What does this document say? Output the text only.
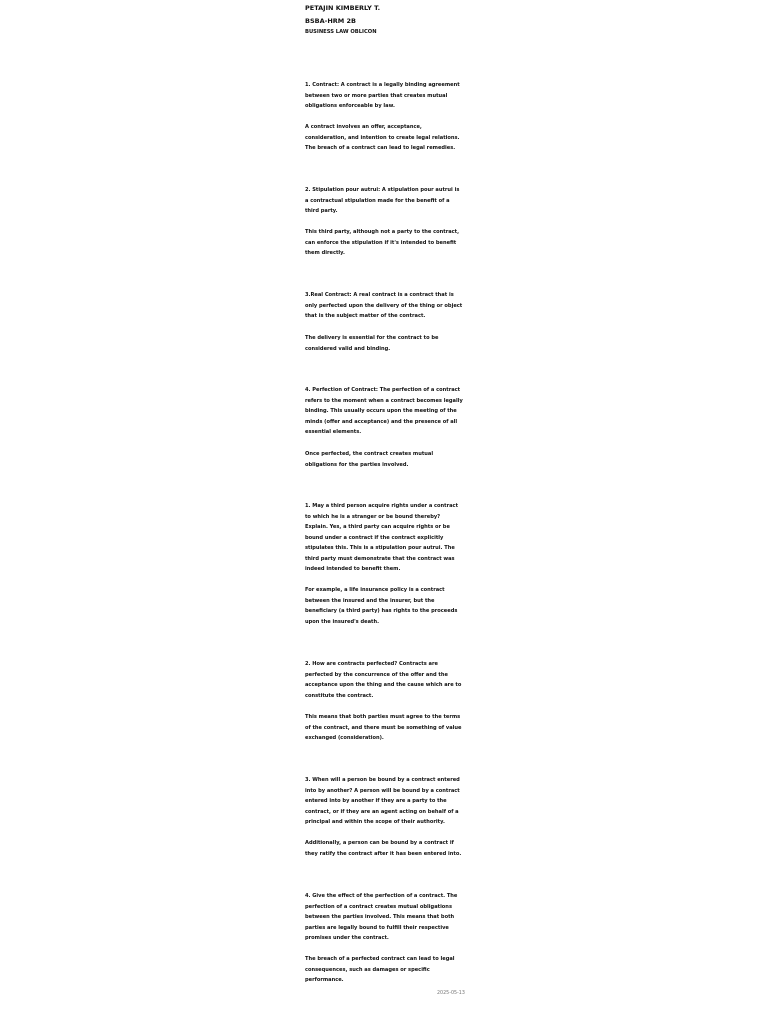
PETAJIN KIMBERLY T.
BSBA-HRM 2B
BUSINESS LAW OBLICON

1. Contract: A contract is a legally binding agreement between two or more parties that creates mutual obligations enforceable by law.

A contract involves an offer, acceptance, consideration, and intention to create legal relations. The breach of a contract can lead to legal remedies.

2. Stipulation pour autrui: A stipulation pour autrui is a contractual stipulation made for the benefit of a third party.

This third party, although not a party to the contract, can enforce the stipulation if it's intended to benefit them directly.

3.Real Contract: A real contract is a contract that is only perfected upon the delivery of the thing or object that is the subject matter of the contract.

The delivery is essential for the contract to be considered valid and binding.

4. Perfection of Contract: The perfection of a contract refers to the moment when a contract becomes legally binding. This usually occurs upon the meeting of the minds (offer and acceptance) and the presence of all essential elements.

Once perfected, the contract creates mutual obligations for the parties involved.

1. May a third person acquire rights under a contract to which he is a stranger or be bound thereby? Explain. Yes, a third party can acquire rights or be bound under a contract if the contract explicitly stipulates this. This is a stipulation pour autrui. The third party must demonstrate that the contract was indeed intended to benefit them.

For example, a life insurance policy is a contract between the insured and the insurer, but the beneficiary (a third party) has rights to the proceeds upon the insured's death.

2. How are contracts perfected? Contracts are perfected by the concurrence of the offer and the acceptance upon the thing and the cause which are to constitute the contract.

This means that both parties must agree to the terms of the contract, and there must be something of value exchanged (consideration).

3. When will a person be bound by a contract entered into by another? A person will be bound by a contract entered into by another if they are a party to the contract, or if they are an agent acting on behalf of a principal and within the scope of their authority.

Additionally, a person can be bound by a contract if they ratify the contract after it has been entered into.

4. Give the effect of the perfection of a contract. The perfection of a contract creates mutual obligations between the parties involved. This means that both parties are legally bound to fulfill their respective promises under the contract.

The breach of a perfected contract can lead to legal consequences, such as damages or specific performance.

2025-05-13
